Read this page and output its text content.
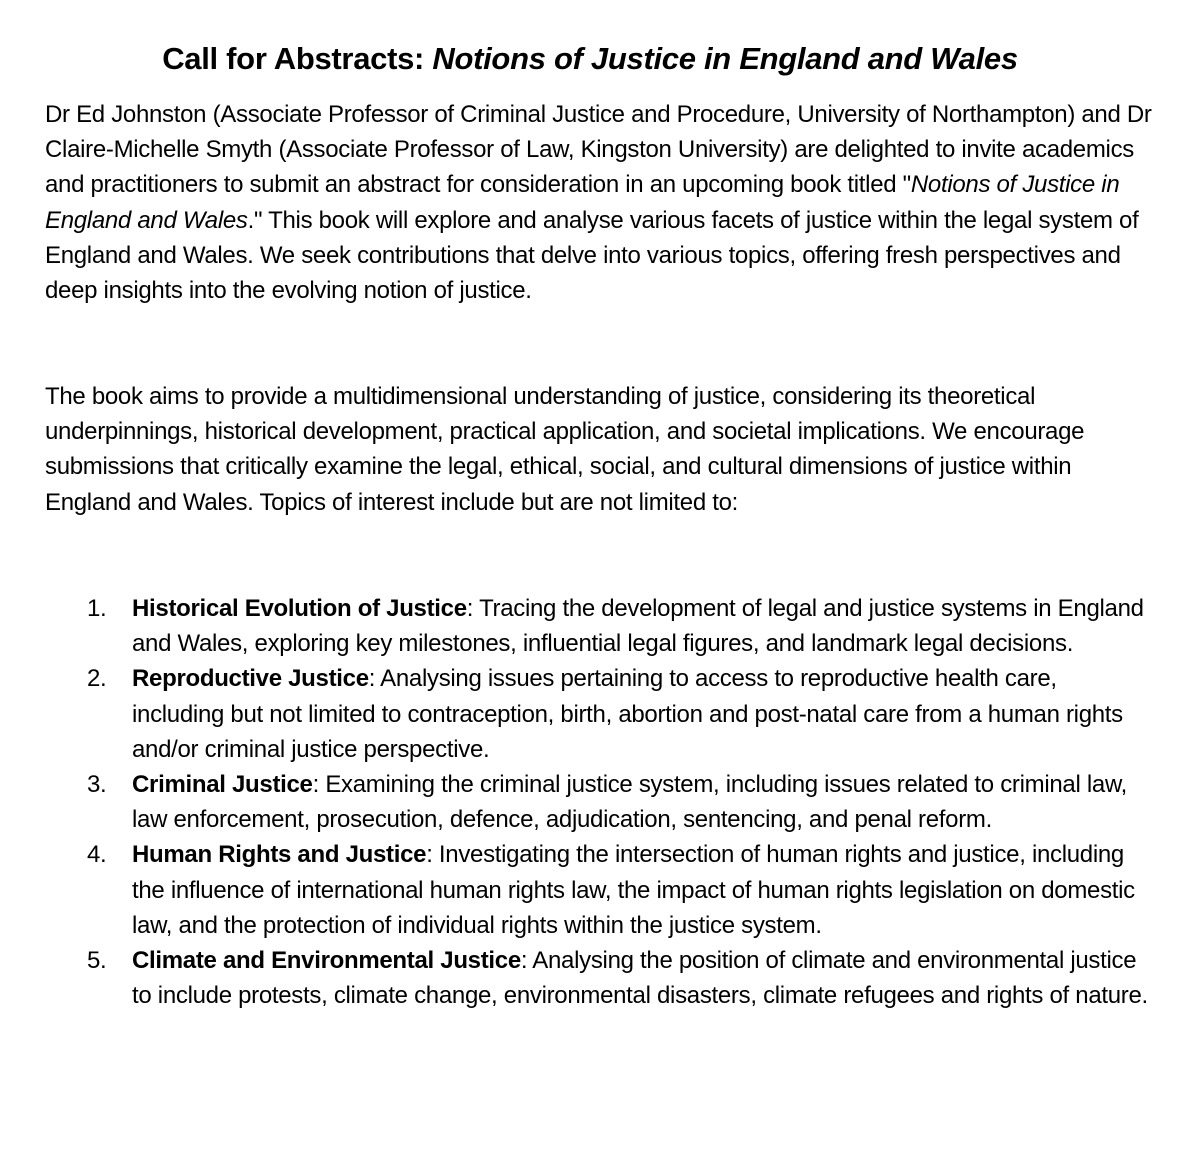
Call for Abstracts: Notions of Justice in England and Wales

Dr Ed Johnston (Associate Professor of Criminal Justice and Procedure, University of Northampton) and Dr Claire-Michelle Smyth (Associate Professor of Law, Kingston University) are delighted to invite academics and practitioners to submit an abstract for consideration in an upcoming book titled "Notions of Justice in England and Wales." This book will explore and analyse various facets of justice within the legal system of England and Wales. We seek contributions that delve into various topics, offering fresh perspectives and deep insights into the evolving notion of justice.

The book aims to provide a multidimensional understanding of justice, considering its theoretical underpinnings, historical development, practical application, and societal implications. We encourage submissions that critically examine the legal, ethical, social, and cultural dimensions of justice within England and Wales. Topics of interest include but are not limited to:

1. Historical Evolution of Justice: Tracing the development of legal and justice systems in England and Wales, exploring key milestones, influential legal figures, and landmark legal decisions.
2. Reproductive Justice: Analysing issues pertaining to access to reproductive health care, including but not limited to contraception, birth, abortion and post-natal care from a human rights and/or criminal justice perspective.
3. Criminal Justice: Examining the criminal justice system, including issues related to criminal law, law enforcement, prosecution, defence, adjudication, sentencing, and penal reform.
4. Human Rights and Justice: Investigating the intersection of human rights and justice, including the influence of international human rights law, the impact of human rights legislation on domestic law, and the protection of individual rights within the justice system.
5. Climate and Environmental Justice: Analysing the position of climate and environmental justice to include protests, climate change, environmental disasters, climate refugees and rights of nature.
